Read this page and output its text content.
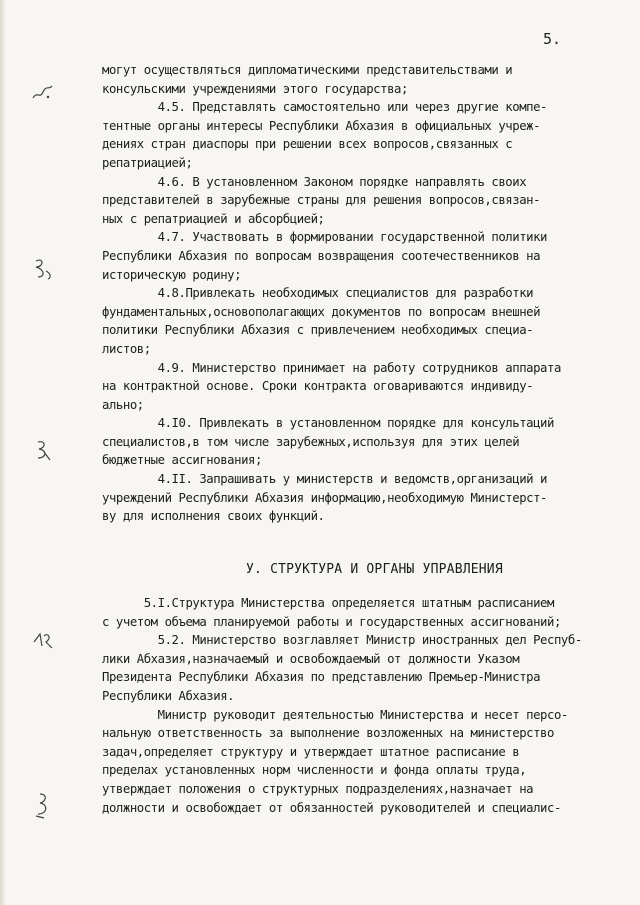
5.
могут осуществляться дипломатическими представительствами и
консульскими учреждениями этого государства;
4.5. Представлять самостоятельно или через другие компе-
тентные органы интересы Республики Абхазия в официальных учреж-
дениях стран диаспоры при решении всех вопросов,связанных с
репатриацией;
4.6. В установленном Законом порядке направлять своих
представителей в зарубежные страны для решения вопросов,связан-
ных с репатриацией и абсорбцией;
4.7. Участвовать в формировании государственной политики
Республики Абхазия по вопросам возвращения соотечественников на
историческую родину;
4.8.Привлекать необходимых специалистов для разработки
фундаментальных,основополагающих документов по вопросам внешней
политики Республики Абхазия с привлечением необходимых специа-
листов;
4.9. Министерство принимает на работу сотрудников аппарата
на контрактной основе. Сроки контракта оговариваются индивиду-
ально;
4.I0. Привлекать в установленном порядке для консультаций
специалистов,в том числе зарубежных,используя для этих целей
бюджетные ассигнования;
4.II. Запрашивать у министерств и ведомств,организаций и
учреждений Республики Абхазия информацию,необходимую Министерст-
ву для исполнения своих функций.
У. СТРУКТУРА И ОРГАНЫ УПРАВЛЕНИЯ
5.I.Структура Министерства определяется штатным расписанием
с учетом объема планируемой работы и государственных ассигнований;
5.2. Министерство возглавляет Министр иностранных дел Респуб-
лики Абхазия,назначаемый и освобождаемый от должности Указом
Президента Республики Абхазия по представлению Премьер-Министра
Республики Абхазия.
Министр руководит деятельностью Министерства и несет персо-
нальную ответственность за выполнение возложенных на министерство
задач,определяет структуру и утверждает штатное расписание в
пределах установленных норм численности и фонда оплаты труда,
утверждает положения о структурных подразделениях,назначает на
должности и освобождает от обязанностей руководителей и специалис-
